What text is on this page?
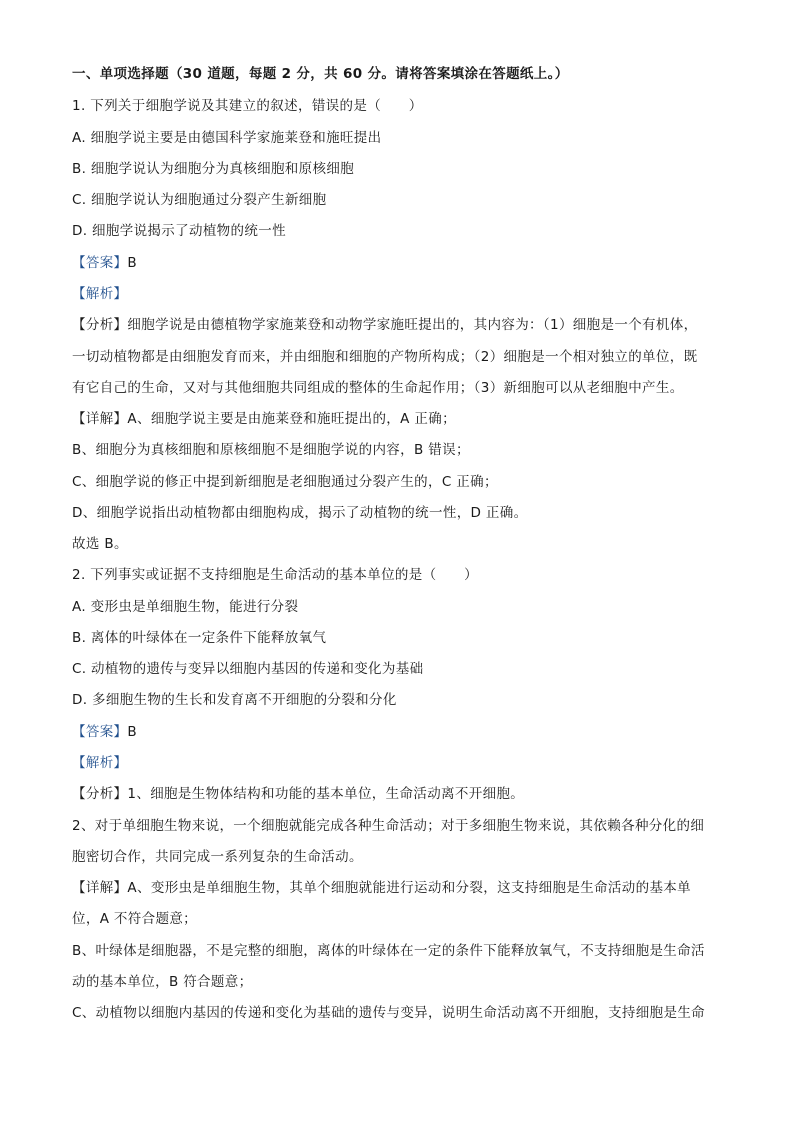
一、单项选择题（30 道题，每题 2 分，共 60 分。请将答案填涂在答题纸上。）
1. 下列关于细胞学说及其建立的叙述，错误的是（　　）
A. 细胞学说主要是由德国科学家施莱登和施旺提出
B. 细胞学说认为细胞分为真核细胞和原核细胞
C. 细胞学说认为细胞通过分裂产生新细胞
D. 细胞学说揭示了动植物的统一性
【答案】B
【解析】
【分析】细胞学说是由德植物学家施莱登和动物学家施旺提出的，其内容为：（1）细胞是一个有机体，
一切动植物都是由细胞发育而来，并由细胞和细胞的产物所构成；（2）细胞是一个相对独立的单位，既
有它自己的生命，又对与其他细胞共同组成的整体的生命起作用；（3）新细胞可以从老细胞中产生。
【详解】A、细胞学说主要是由施莱登和施旺提出的，A 正确；
B、细胞分为真核细胞和原核细胞不是细胞学说的内容，B 错误；
C、细胞学说的修正中提到新细胞是老细胞通过分裂产生的，C 正确；
D、细胞学说指出动植物都由细胞构成，揭示了动植物的统一性，D 正确。
故选 B。
2. 下列事实或证据不支持细胞是生命活动的基本单位的是（　　）
A. 变形虫是单细胞生物，能进行分裂
B. 离体的叶绿体在一定条件下能释放氧气
C. 动植物的遗传与变异以细胞内基因的传递和变化为基础
D. 多细胞生物的生长和发育离不开细胞的分裂和分化
【答案】B
【解析】
【分析】1、细胞是生物体结构和功能的基本单位，生命活动离不开细胞。
2、对于单细胞生物来说，一个细胞就能完成各种生命活动；对于多细胞生物来说，其依赖各种分化的细
胞密切合作，共同完成一系列复杂的生命活动。
【详解】A、变形虫是单细胞生物，其单个细胞就能进行运动和分裂，这支持细胞是生命活动的基本单
位，A 不符合题意；
B、叶绿体是细胞器，不是完整的细胞，离体的叶绿体在一定的条件下能释放氧气，不支持细胞是生命活
动的基本单位，B 符合题意；
C、动植物以细胞内基因的传递和变化为基础的遗传与变异，说明生命活动离不开细胞，支持细胞是生命
